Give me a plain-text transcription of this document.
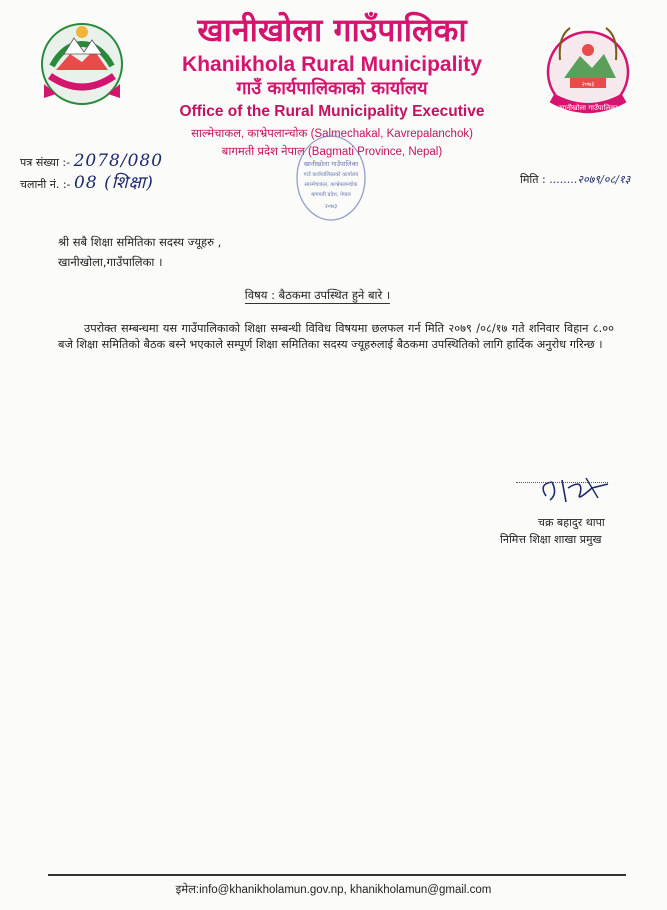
खानीखोला गाउँपालिका
२०७३
खानीखोला गाउँपालिका
Khanikhola Rural Municipality
गाउँ कार्यपालिकाको कार्यालय
Office of the Rural Municipality Executive
साल्मेचाकल, काभ्रेपलान्चोक (Salmechakal, Kavrepalanchok)
बागमती प्रदेश नेपाल (Bagmati Province, Nepal)
खानीखोला गाउँपालिका
गाउँ कार्यपालिकाको कार्यालय
साल्मेचाकल, काभ्रेपलान्चोक
बागमती प्रदेश, नेपाल
२०७३
पत्र संख्या :- 2078/080
चलानी नं. :- 08 (शिक्षा)	मिति : ........२०७९/०८/१३
श्री सबै शिक्षा समितिका सदस्य ज्यूहरु ,
खानीखोला,गाउँपालिका ।
विषय : बैठकमा उपस्थित हुने बारे ।
उपरोक्त सम्बन्धमा यस गाउँपालिकाको शिक्षा सम्बन्धी विविध विषयमा छलफल गर्न मिति २०७९ /०८/१७ गते शनिवार विहान ८.०० बजे शिक्षा समितिको बैठक बस्ने भएकाले सम्पूर्ण शिक्षा समितिका सदस्य ज्यूहरुलाई बैठकमा उपस्थितिको लागि हार्दिक अनुरोध गरिन्छ ।
चक्र बहादुर थापा
निमित्त शिक्षा शाखा प्रमुख
इमेल:info@khanikholamun.gov.np, khanikholamun@gmail.com
